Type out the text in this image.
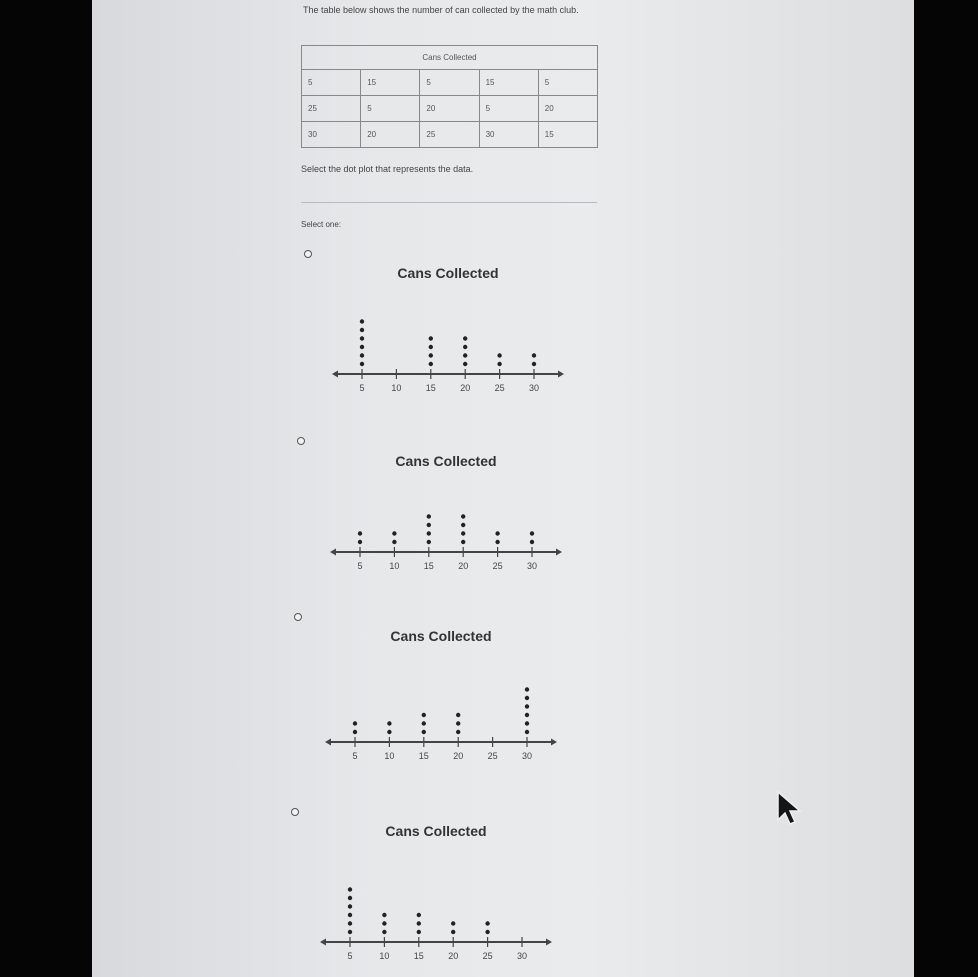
The table below shows the number of can collected by the math club.
Cans Collected				
5	15	5	15	5
25	5	20	5	20
30	20	25	30	15
Select the dot plot that represents the data.
Select one:
Cans Collected
5	10	15	20	25	30
Cans Collected
5	10	15	20	25	30
Cans Collected
5	10	15	20	25	30
Cans Collected
5	10	15	20	25	30
